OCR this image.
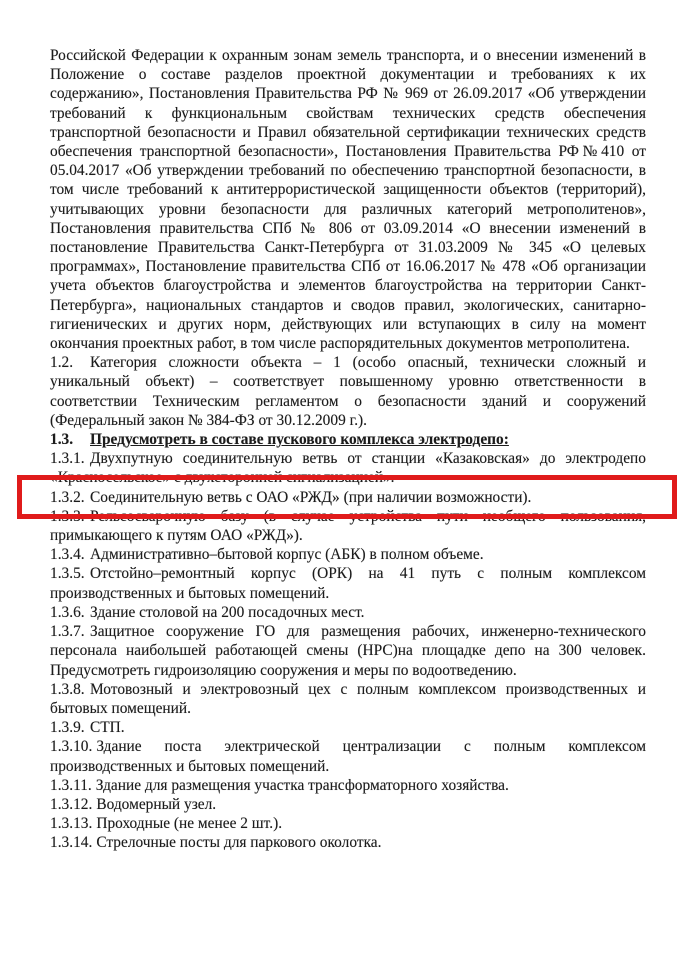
Российской Федерации к охранным зонам земель транспорта, и о внесении изменений в Положение о составе разделов проектной документации и требованиях к их содержанию», Постановления Правительства РФ № 969 от 26.09.2017 «Об утверждении требований к функциональным свойствам технических средств обеспечения транспортной безопасности и Правил обязательной сертификации технических средств обеспечения транспортной безопасности», Постановления Правительства РФ№410 от 05.04.2017 «Об утверждении требований по обеспечению транспортной безопасности, в том числе требований к антитеррористической защищенности объектов (территорий), учитывающих уровни безопасности для различных категорий метрополитенов», Постановления правительства СПб № 806 от 03.09.2014 «О внесении изменений в постановление Правительства Санкт-Петербурга от 31.03.2009 № 345 «О целевых программах», Постановление правительства СПб от 16.06.2017 № 478 «Об организации учета объектов благоустройства и элементов благоустройства на территории Санкт-Петербурга», национальных стандартов и сводов правил, экологических, санитарно-гигиенических и других норм, действующих или вступающих в силу на момент окончания проектных работ, в том числе распорядительных документов метрополитена.

1.2. Категория сложности объекта – 1 (особо опасный, технически сложный и уникальный объект) – соответствует повышенному уровню ответственности в соответствии Техническим регламентом о безопасности зданий и сооружений (Федеральный закон № 384-ФЗ от 30.12.2009 г.).

1.3. Предусмотреть в составе пускового комплекса электродепо:

1.3.1. Двухпутную соединительную ветвь от станции «Казаковская» до электродепо «Красносельское» с двухсторонней сигнализацией».

1.3.2. Соединительную ветвь с ОАО «РЖД» (при наличии возможности).

1.3.3. Рельсосварочную базу (в случае устройства пути необщего пользования, примыкающего к путям ОАО «РЖД»).

1.3.4. Административно–бытовой корпус (АБК) в полном объеме.

1.3.5. Отстойно–ремонтный корпус (ОРК) на 41 путь с полным комплексом производственных и бытовых помещений.

1.3.6. Здание столовой на 200 посадочных мест.

1.3.7. Защитное сооружение ГО для размещения рабочих, инженерно-технического персонала наибольшей работающей смены (НРС)на площадке депо на 300 человек. Предусмотреть гидроизоляцию сооружения и меры по водоотведению.

1.3.8. Мотовозный и электровозный цех с полным комплексом производственных и бытовых помещений.

1.3.9. СТП.

1.3.10. Здание поста электрической централизации с полным комплексом производственных и бытовых помещений.

1.3.11. Здание для размещения участка трансформаторного хозяйства.

1.3.12. Водомерный узел.

1.3.13. Проходные (не менее 2 шт.).

1.3.14. Стрелочные посты для паркового околотка.
